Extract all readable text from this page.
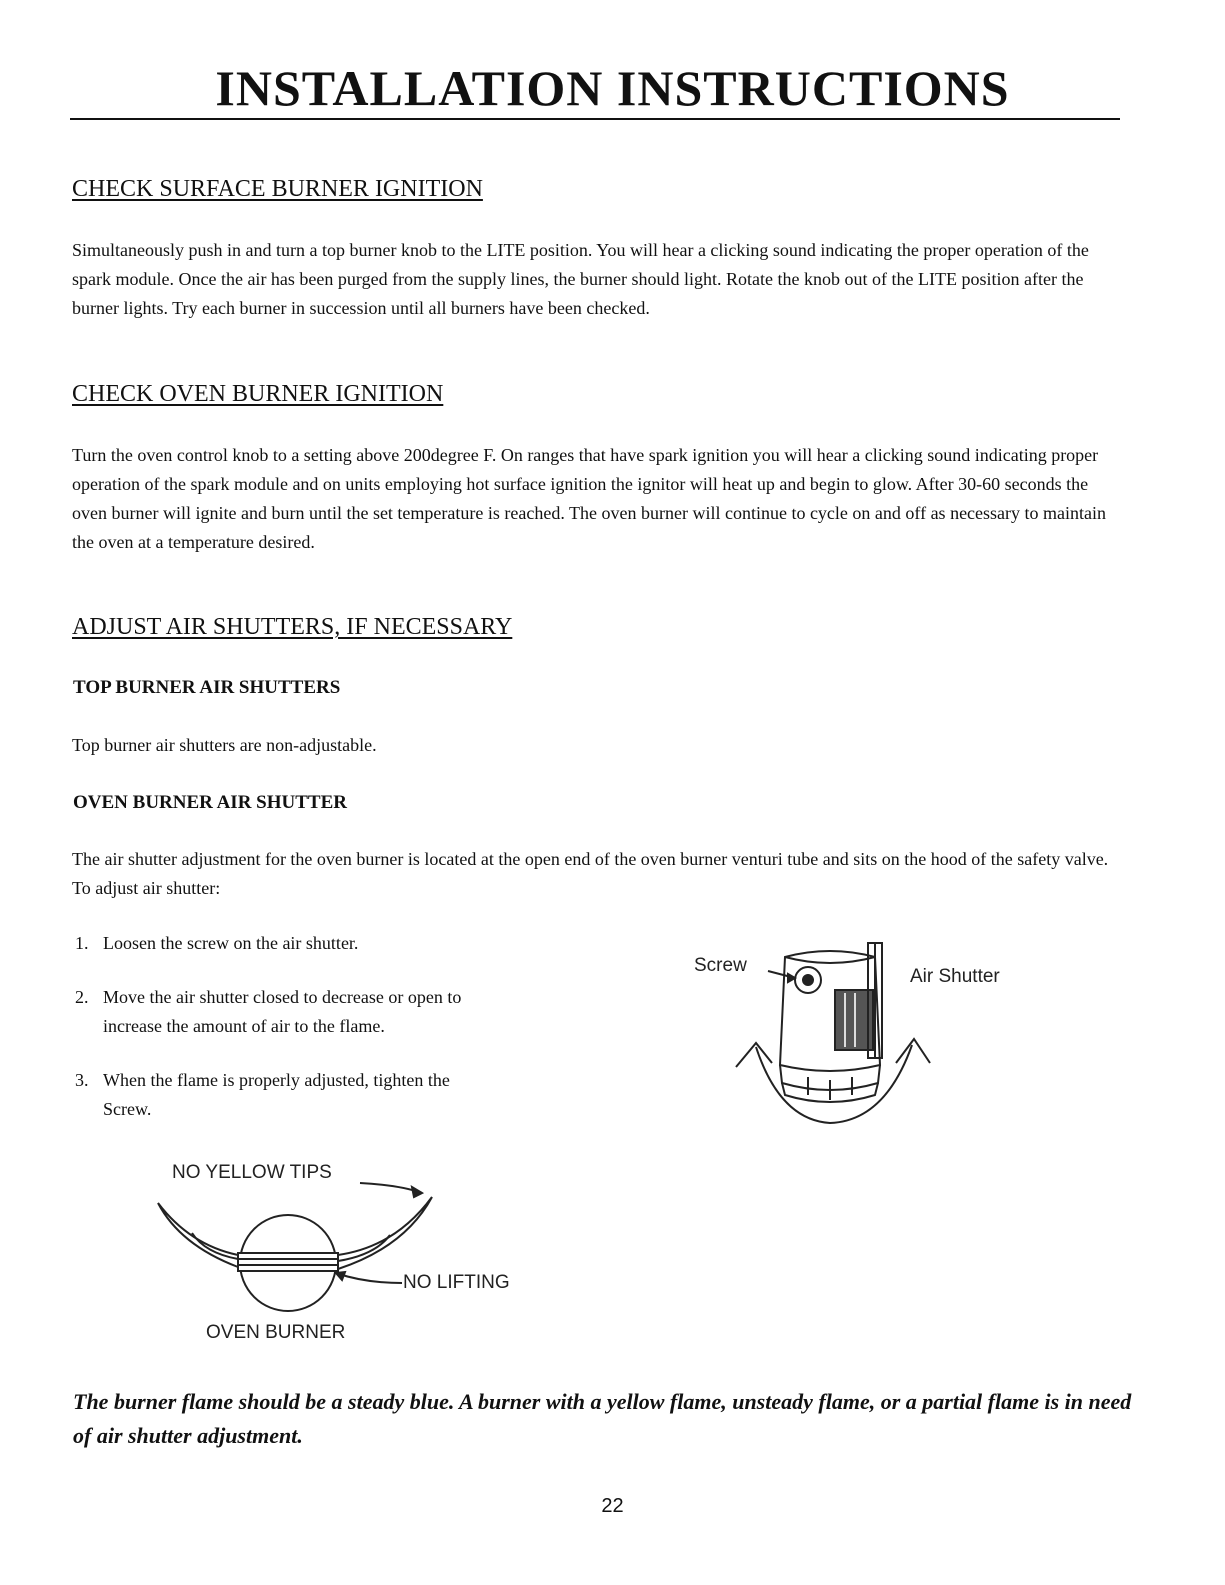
INSTALLATION INSTRUCTIONS
CHECK SURFACE BURNER IGNITION

Simultaneously push in and turn a top burner knob to the LITE position. You will hear a clicking sound indicating the proper operation of the spark module. Once the air has been purged from the supply lines, the burner should light. Rotate the knob out of the LITE position after the burner lights. Try each burner in succession until all burners have been checked.

CHECK OVEN BURNER IGNITION

Turn the oven control knob to a setting above 200degree F. On ranges that have spark ignition you will hear a clicking sound indicating proper operation of the spark module and on units employing hot surface ignition the ignitor will heat up and begin to glow. After 30-60 seconds the oven burner will ignite and burn until the set temperature is reached. The oven burner will continue to cycle on and off as necessary to maintain the oven at a temperature desired.

ADJUST AIR SHUTTERS, IF NECESSARY
TOP BURNER AIR SHUTTERS

Top burner air shutters are non-adjustable.

OVEN BURNER AIR SHUTTER

The air shutter adjustment for the oven burner is located at the open end of the oven burner venturi tube and sits on the hood of the safety valve. To adjust air shutter:

1. Loosen the screw on the air shutter.
2. Move the air shutter closed to decrease or open to
increase the amount of air to the flame.
3. When the flame is properly adjusted, tighten the
Screw.

Screw

Air Shutter

NO YELLOW TIPS

NO LIFTING

OVEN BURNER

The burner flame should be a steady blue. A burner with a yellow flame, unsteady flame, or a partial flame is in need of air shutter adjustment.

22
